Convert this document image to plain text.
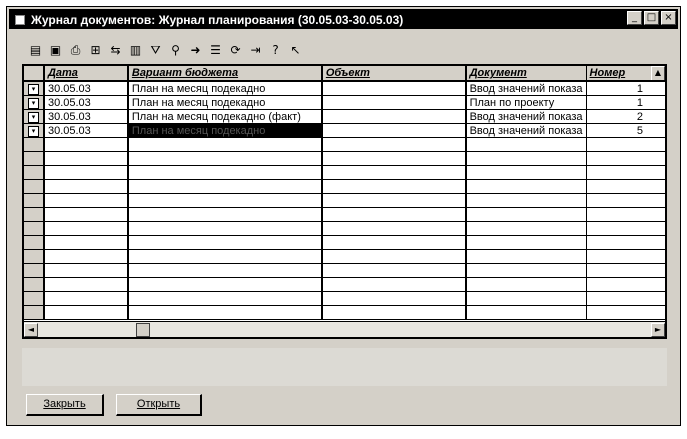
Журнал документов: Журнал планирования (30.05.03-30.05.03)	_ □ ×
▤ ▣ ⎙ ⊞ ⇆ ▥ ⛛ ⚲ ➜ ☰ ⟳ ⇥ ? ↖
	Дата	Вариант бюджета	Объект	Документ	Номер	▲

▾	30.05.03	План на месяц подекадно		Ввод значений показа	1	
▾	30.05.03	План на месяц подекадно		План по проекту	1	
▾	30.05.03	План на месяц подекадно (факт)		Ввод значений показа	2	
▾	30.05.03	План на месяц подекадно		Ввод значений показа	5	

◄	►
Закрыть	Открыть
